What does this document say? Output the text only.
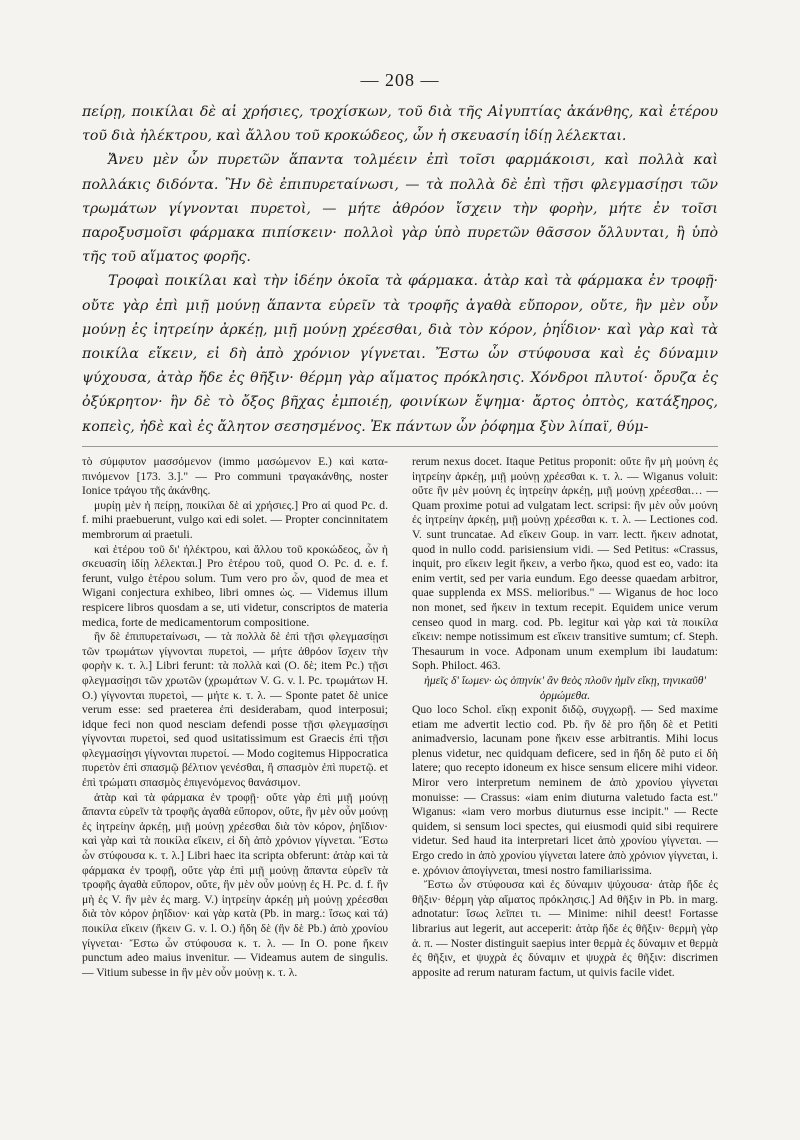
— 208 —

πείρῃ, ποικίλαι δὲ αἱ χρήσιες, τροχίσκων, τοῦ διὰ τῆς Αἰγυπτίας ἀκάνθης, καὶ ἑτέρου τοῦ διὰ ἠλέκτρου, καὶ ἄλλου τοῦ κροκώδεος, ὧν ἡ σκευασίη ἰδίῃ λέλεκται.

Ἄνευ μὲν ὧν πυρετῶν ἅπαντα τολμέειν ἐπὶ τοῖσι φαρμάκοισι, καὶ πολλὰ καὶ πολλάκις διδόντα. Ἢν δὲ ἐπιπυρεταίνωσι, — τὰ πολλὰ δὲ ἐπὶ τῇσι φλεγμασίῃσι τῶν τρωμάτων γίγνονται πυρετοὶ, — μήτε ἀθρόον ἴσχειν τὴν φορὴν, μήτε ἐν τοῖσι παροξυσμοῖσι φάρμακα πιπίσκειν· πολλοὶ γὰρ ὑπὸ πυρετῶν θᾶσσον ὄλλυνται, ἢ ὑπὸ τῆς τοῦ αἵματος φορῆς.

Τροφαὶ ποικίλαι καὶ τὴν ἰδέην ὁκοῖα τὰ φάρμακα. ἀτὰρ καὶ τὰ φάρμακα ἐν τροφῇ· οὔτε γὰρ ἐπὶ μιῇ μούνῃ ἅπαντα εὑρεῖν τὰ τροφῆς ἀγαθὰ εὔπορον, οὔτε, ἣν μὲν οὖν μούνῃ ἐς ἰητρείην ἀρκέῃ, μιῇ μούνῃ χρέεσθαι, διὰ τὸν κόρον, ῥηΐδιον· καὶ γὰρ καὶ τὰ ποικίλα εἴκειν, εἰ δὴ ἀπὸ χρόνιον γίγνεται. Ἔστω ὧν στύφουσα καὶ ἐς δύναμιν ψύχουσα, ἀτὰρ ἤδε ἐς θῆξιν· θέρμη γὰρ αἵματος πρόκλησις. Χόνδροι πλυτοί· ὄρυζα ἐς ὀξύκρητον· ἣν δὲ τὸ ὄξος βῆχας ἐμποιέῃ, φοινίκων ἔψημα· ἄρτος ὀπτὸς, κατάξηρος, κοπεὶς, ἠδὲ καὶ ἐς ἄλητον σεσησμένος. Ἐκ πάντων ὧν ῥόφημα ξὺν λίπαϊ, θύμ-

τὸ σύμφυτον μασσόμενον (immo μασώμενον E.) καὶ κατα-πινόμενον [173. 3.]." — Pro communi τραγακάνθης, noster Ionice τράγου τῆς ἀκάνθης.

μυρίῃ μὲν ἡ πείρῃ, ποικίλαι δὲ αἱ χρήσιες.] Pro αἱ quod Pc. d. f. mihi praebuerunt, vulgo καὶ edi solet. — Propter concinnitatem membrorum αἱ praetuli.

καὶ ἑτέρου τοῦ δι' ἠλέκτρου, καὶ ἄλλου τοῦ κροκώδεος, ὧν ἡ σκευασίη ἰδίῃ λέλεκται.] Pro ἑτέρου τοῦ, quod O. Pc. d. e. f. ferunt, vulgo ἑτέρου solum. Tum vero pro ὧν, quod de mea et Wigani conjectura exhibeo, libri omnes ὡς. — Videmus illum respicere libros quosdam a se, uti videtur, conscriptos de materia medica, forte de medicamentorum compositione.

ἢν δὲ ἐπιπυρεταίνωσι, — τὰ πολλὰ δὲ ἐπὶ τῇσι φλεγμασίῃσι τῶν τρωμάτων γίγνονται πυρετοὶ, — μήτε ἀθρόον ἴσχειν τὴν φορὴν κ. τ. λ.] Libri ferunt: τὰ πολλὰ καὶ (O. δὲ; item Pc.) τῇσι φλεγμασίῃσι τῶν χρωτῶν (χρωμάτων V. G. v. l. Pc. τρωμάτων H. O.) γίγνονται πυρετοὶ, — μήτε κ. τ. λ. — Sponte patet δὲ unice verum esse: sed praeterea ἐπὶ desiderabam, quod interposui; idque feci non quod nesciam defendi posse τῇσι φλεγμασίῃσι γίγνονται πυρετοὶ, sed quod usitatissimum est Graecis ἐπὶ τῇσι φλεγμασίῃσι γίγνονται πυρετοί. — Modo cogitemus Hippocratica πυρετὸν ἐπὶ σπασμῷ βέλτιον γενέσθαι, ἢ σπασμὸν ἐπὶ πυρετῷ. et ἐπὶ τρώματι σπασμὸς ἐπιγενόμενος θανάσιμον.

ἀτὰρ καὶ τὰ φάρμακα ἐν τροφῇ· οὔτε γὰρ ἐπὶ μιῇ μούνῃ ἅπαντα εὑρεῖν τὰ τροφῆς ἀγαθὰ εὔπορον, οὔτε, ἣν μὲν οὖν μούνῃ ἐς ἰητρείην ἀρκέῃ, μιῇ μούνῃ χρέεσθαι διὰ τὸν κόρον, ῥηΐδιον· καὶ γὰρ καὶ τὰ ποικίλα εἴκειν, εἰ δὴ ἀπὸ χρόνιον γίγνεται. Ἔστω ὧν στύφουσα κ. τ. λ.] Libri haec ita scripta obferunt: ἀτὰρ καὶ τὰ φάρμακα ἐν τροφῇ, οὔτε γὰρ ἐπὶ μιῇ μούνῃ ἅπαντα εὑρεῖν τὰ τροφῆς ἀγαθὰ εὔπορον, οὔτε, ἣν μὲν οὖν μούνῃ ἐς Η. Pc. d. f. ἣν μὴ ἐς V. ἣν μὲν ἐς marg. V.) ἰητρείην ἀρκέῃ μὴ μούνῃ χρέεσθαι διὰ τὸν κόρον ῥηΐδιον· καὶ γὰρ κατὰ (Pb. in marg.: ἴσως καὶ τά) ποικίλα εἴκειν (ἥκειν G. v. l. O.) ἤδη δὲ (ἢν δὲ Pb.) ἀπὸ χρονίου γίγνεται· Ἔστω ὧν στύφουσα κ. τ. λ. — In O. pone ἥκειν punctum adeo maius invenitur. — Videamus autem de singulis. — Vitium subesse in ἣν μὲν οὖν μούνῃ κ. τ. λ.

rerum nexus docet. Itaque Petitus proponit: οὔτε ἣν μὴ μούνη ἐς ἰητρείην ἀρκέῃ, μιῇ μούνῃ χρέεσθαι κ. τ. λ. — Wiganus voluit: οὔτε ἣν μὲν μούνη ἐς ἰητρείην ἀρκέῃ, μιῇ μούνῃ χρέεσθαι… — Quam proxime potui ad vulgatam lect. scripsi: ἣν μὲν οὖν μούνη ἐς ἰητρείην ἀρκέῃ, μιῇ μούνῃ χρέεσθαι κ. τ. λ. — Lectiones cod. V. sunt truncatae. Ad εἴκειν Goup. in varr. lectt. ἥκειν adnotat, quod in nullo codd. parisiensium vidi. — Sed Petitus: «Crassus, inquit, pro εἴκειν legit ἥκειν, a verbo ἥκω, quod est eo, vado: ita enim vertit, sed per varia eundum. Ego deesse quaedam arbitror, quae supplenda ex MSS. melioribus." — Wiganus de hoc loco non monet, sed ἥκειν in textum recepit. Equidem unice verum censeo quod in marg. cod. Pb. legitur καὶ γὰρ καὶ τὰ ποικίλα εἴκειν: nempe notissimum est εἴκειν transitive sumtum; cf. Steph. Thesaurum in voce. Adponam unum exemplum ibi laudatum: Soph. Philoct. 463.

ἡμεῖς δ' ἴωμεν· ὡς ὁπηνίκ' ἂν θεὸς πλοῦν ἡμῖν εἴκῃ, τηνικαῦθ' ὁρμώμεθα.

Quo loco Schol. εἴκῃ exponit διδῷ, συγχωρῇ. — Sed maxime etiam me advertit lectio cod. Pb. ἢν δὲ pro ἤδη δὲ et Petiti animadversio, lacunam pone ἥκειν esse arbitrantis. Mihi locus plenus videtur, nec quidquam deficere, sed in ἤδη δὲ puto εἰ δὴ latere; quo recepto idoneum ex hisce sensum elicere mihi videor. Miror vero interpretum neminem de ἀπὸ χρονίου γίγνεται monuisse: — Crassus: «iam enim diuturna valetudo facta est." Wiganus: «iam vero morbus diuturnus esse incipit." — Recte quidem, si sensum loci spectes, qui eiusmodi quid sibi requirere videtur. Sed haud ita interpretari licet ἀπὸ χρονίου γίγνεται. — Ergo credo in ἀπὸ χρονίου γίγνεται latere ἀπὸ χρόνιον γίγνεται, i. e. χρόνιον ἀπογίγνεται, tmesi nostro familiarissima.

Ἔστω ὧν στύφουσα καὶ ἐς δύναμιν ψύχουσα· ἀτὰρ ἤδε ἐς θῆξιν· θέρμη γὰρ αἵματος πρόκλησις.] Ad θῆξιν in Pb. in marg. adnotatur: ἴσως λεῖπει τι. — Minime: nihil deest! Fortasse librarius aut legerit, aut acceperit: ἀτὰρ ἤδε ἐς θῆξιν· θερμὴ γὰρ ἀ. π. — Noster distinguit saepius inter θερμὰ ἐς δύναμιν et θερμὰ ἐς θῆξιν, et ψυχρὰ ἐς δύναμιν et ψυχρὰ ἐς θῆξιν: discrimen apposite ad rerum naturam factum, ut quivis facile videt.
